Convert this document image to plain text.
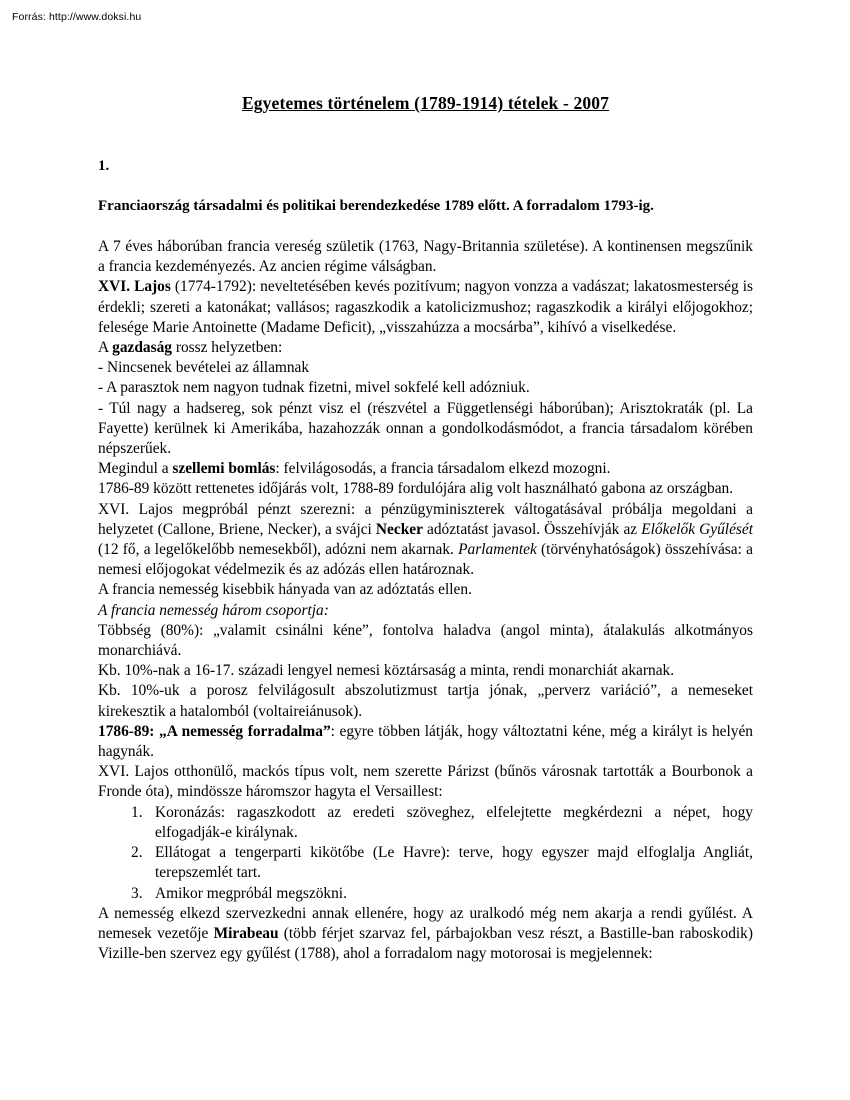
Forrás: http://www.doksi.hu
Egyetemes történelem (1789-1914) tételek - 2007
1.
Franciaország társadalmi és politikai berendezkedése 1789 előtt. A forradalom 1793-ig.

A 7 éves háborúban francia vereség születik (1763, Nagy-Britannia születése). A kontinensen megszűnik a francia kezdeményezés. Az ancien régime válságban.

XVI. Lajos (1774-1792): neveltetésében kevés pozitívum; nagyon vonzza a vadászat; lakatosmesterség is érdekli; szereti a katonákat; vallásos; ragaszkodik a katolicizmushoz; ragaszkodik a királyi előjogokhoz; felesége Marie Antoinette (Madame Deficit), „visszahúzza a mocsárba”, kihívó a viselkedése.

A gazdaság rossz helyzetben:

- Nincsenek bevételei az államnak

- A parasztok nem nagyon tudnak fizetni, mivel sokfelé kell adózniuk.

- Túl nagy a hadsereg, sok pénzt visz el (részvétel a Függetlenségi háborúban); Arisztokraták (pl. La Fayette) kerülnek ki Amerikába, hazahozzák onnan a gondolkodásmódot, a francia társadalom körében népszerűek.

Megindul a szellemi bomlás: felvilágosodás, a francia társadalom elkezd mozogni.

1786-89 között rettenetes időjárás volt, 1788-89 fordulójára alig volt használható gabona az országban.

XVI. Lajos megpróbál pénzt szerezni: a pénzügyminiszterek váltogatásával próbálja megoldani a helyzetet (Callone, Briene, Necker), a svájci Necker adóztatást javasol. Összehívják az Előkelők Gyűlését (12 fő, a legelőkelőbb nemesekből), adózni nem akarnak. Parlamentek (törvényhatóságok) összehívása: a nemesi előjogokat védelmezik és az adózás ellen határoznak.

A francia nemesség kisebbik hányada van az adóztatás ellen.

A francia nemesség három csoportja:

Többség (80%): „valamit csinálni kéne”, fontolva haladva (angol minta), átalakulás alkotmányos monarchiává.

Kb. 10%-nak a 16-17. századi lengyel nemesi köztársaság a minta, rendi monarchiát akarnak.

Kb. 10%-uk a porosz felvilágosult abszolutizmust tartja jónak, „perverz variáció”, a nemeseket kirekesztik a hatalomból (voltaireiánusok).

1786-89: „A nemesség forradalma”: egyre többen látják, hogy változtatni kéne, még a királyt is helyén hagynák.

XVI. Lajos otthonülő, mackós típus volt, nem szerette Párizst (bűnös városnak tartották a Bourbonok a Fronde óta), mindössze háromszor hagyta el Versaillest:

Koronázás: ragaszkodott az eredeti szöveghez, elfelejtette megkérdezni a népet, hogy elfogadják-e királynak.
Ellátogat a tengerparti kikötőbe (Le Havre): terve, hogy egyszer majd elfoglalja Angliát, terepszemlét tart.
Amikor megpróbál megszökni.

A nemesség elkezd szervezkedni annak ellenére, hogy az uralkodó még nem akarja a rendi gyűlést. A nemesek vezetője Mirabeau (több férjet szarvaz fel, párbajokban vesz részt, a Bastille-ban raboskodik) Vizille-ben szervez egy gyűlést (1788), ahol a forradalom nagy motorosai is megjelennek:
